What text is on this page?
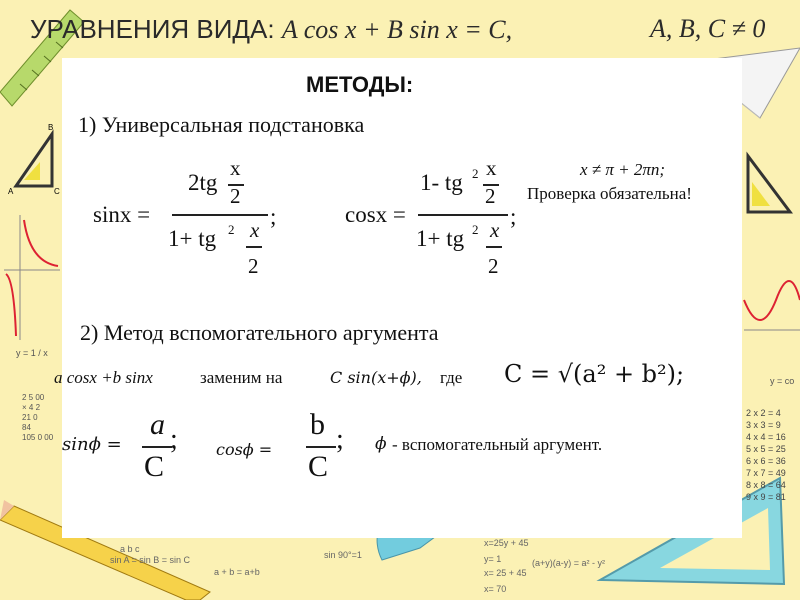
B
A	C
y = 1 / x
2 5 00
× 4 2
21 0
84
105 0 00
a b c
sin A = sin B = sin C
a + b = a+b
sin 90°=1
x=25y + 45
y= 1
x= 25 + 45
x= 70
(a+y)(a-y) = a² - y²
y = co
2 x 2 = 4
3 x 3 = 9
4 x 4 = 16
5 x 5 = 25
6 x 6 = 36
7 x 7 = 49
8 x 8 = 64
9 x 9 = 81
УРАВНЕНИЯ ВИДА: A cos x + B sin x = C,	A, B, C ≠ 0
МЕТОДЫ:
1) Универсальная подстановка
sinx =
2tg
x
2
1+ tg 2 x
2
;	cosx =
1- tg 2 x
2
1+ tg 2 x
2
;
x ≠ π + 2πn;
Проверка обязательна!
2) Метод вспомогательного аргумента
a cosx +b sinx	заменим на	C sin(x+ϕ), где C = √(a² + b²);
sinϕ =
a
C
; cosϕ =
b
C
; ϕ - вспомогательный аргумент.
